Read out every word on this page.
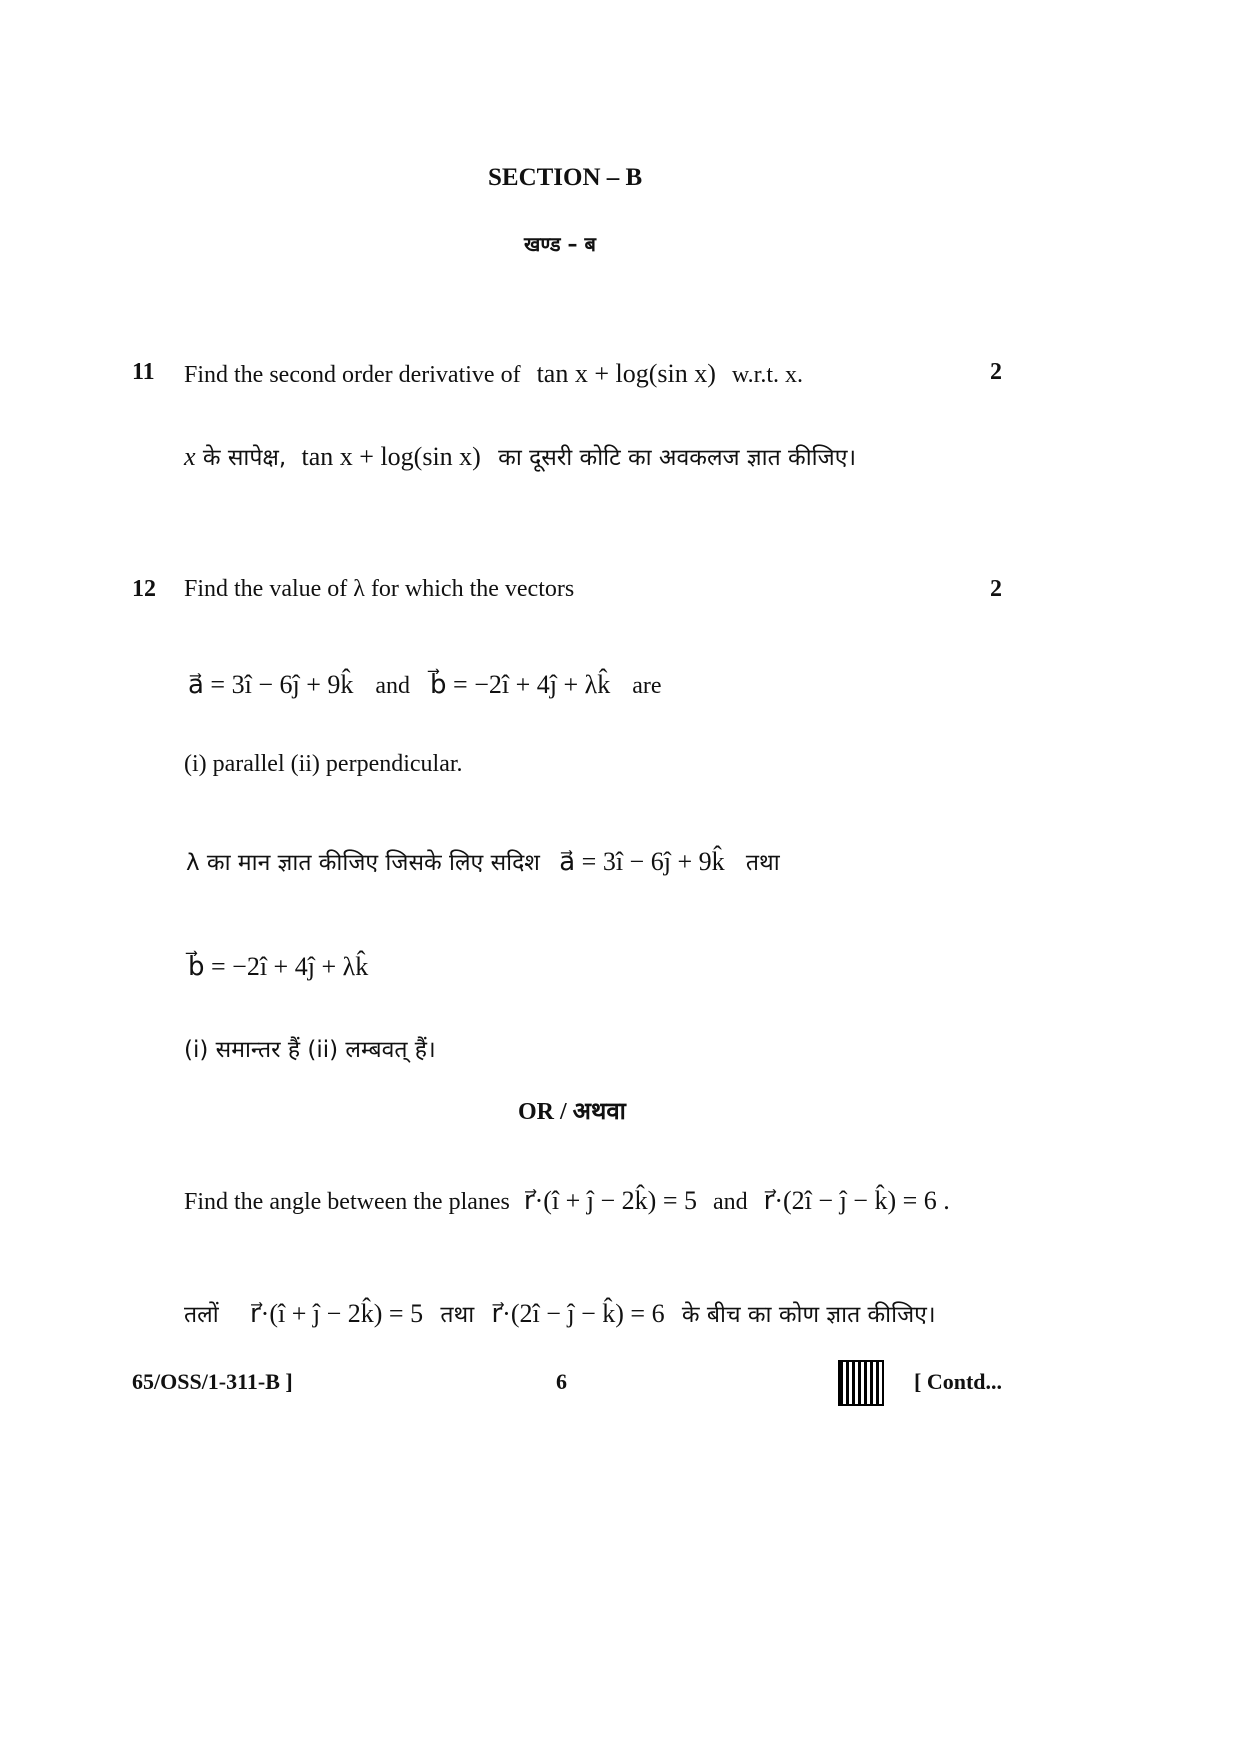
SECTION – B
खण्ड – ब
11 Find the second order derivative of tan x + log(sin x) w.r.t. x.	2
x के सापेक्ष, tan x + log(sin x) का दूसरी कोटि का अवकलज ज्ञात कीजिए।
12 Find the value of λ for which the vectors	2
a⃗ = 3î − 6ĵ + 9k̂ and b⃗ = −2î + 4ĵ + λk̂ are
(i) parallel (ii) perpendicular.
λ का मान ज्ञात कीजिए जिसके लिए सदिश a⃗ = 3î − 6ĵ + 9k̂ तथा
b⃗ = −2î + 4ĵ + λk̂
(i) समान्तर हैं (ii) लम्बवत् हैं।
OR / अथवा
Find the angle between the planes r⃗·(î + ĵ − 2k̂) = 5 and r⃗·(2î − ĵ − k̂) = 6 .
तलों r⃗·(î + ĵ − 2k̂) = 5 तथा r⃗·(2î − ĵ − k̂) = 6 के बीच का कोण ज्ञात कीजिए।
65/OSS/1-311-B ]	6	[ Contd...
